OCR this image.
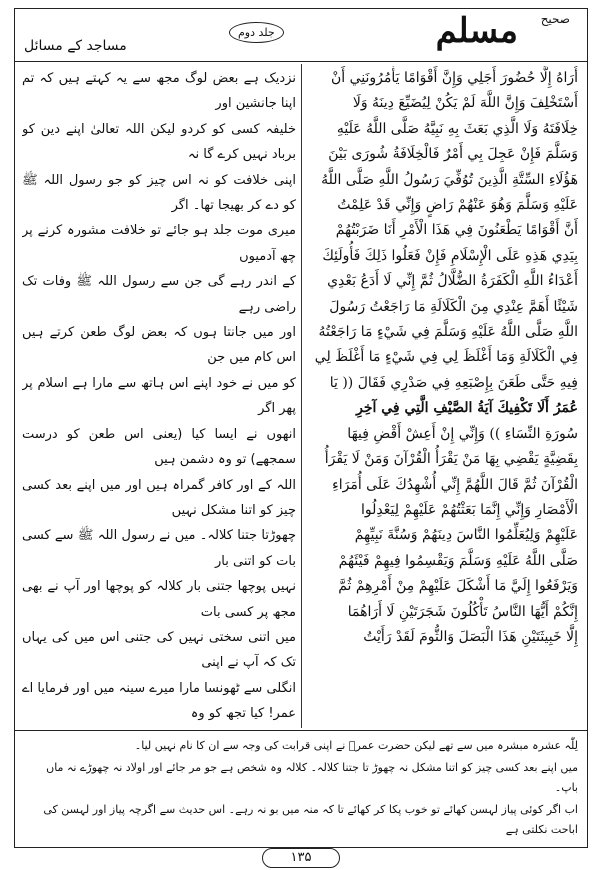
صحیح
مسلم
جلد دوم
مساجد کے مسائل

أُرَاهُ إِلَّا حُضُورَ أَجَلِي وَإِنَّ أَقْوَامًا يَأْمُرُونَنِي أَنْ

أَسْتَخْلِفَ وَإِنَّ اللَّهَ لَمْ يَكُنْ لِيُضَيِّعَ دِينَهُ وَلَا

خِلَافَتَهُ وَلَا الَّذِي بَعَثَ بِهِ نَبِيَّهُ صَلَّى اللَّهُ عَلَيْهِ

وَسَلَّمَ فَإِنْ عَجِلَ بِي أَمْرٌ فَالْخِلَافَةُ شُورَى بَيْنَ

هَؤُلَاءِ السِّتَّةِ الَّذِينَ تُوُفِّيَ رَسُولُ اللَّهِ صَلَّى اللَّهُ

عَلَيْهِ وَسَلَّمَ وَهُوَ عَنْهُمْ رَاضٍ وَإِنِّي قَدْ عَلِمْتُ

أَنَّ أَقْوَامًا يَطْعَنُونَ فِي هَذَا الْأَمْرِ أَنَا ضَرَبْتُهُمْ

بِيَدِي هَذِهِ عَلَى الْإِسْلَامِ فَإِنْ فَعَلُوا ذَلِكَ فَأُولَئِكَ

أَعْدَاءُ اللَّهِ الْكَفَرَةُ الضُّلَّالُ ثُمَّ إِنِّي لَا أَدَعُ بَعْدِي

شَيْئًا أَهَمَّ عِنْدِي مِنَ الْكَلَالَةِ مَا رَاجَعْتُ رَسُولَ

اللَّهِ صَلَّى اللَّهُ عَلَيْهِ وَسَلَّمَ فِي شَيْءٍ مَا رَاجَعْتُهُ

فِي الْكَلَالَةِ وَمَا أَغْلَظَ لِي فِي شَيْءٍ مَا أَغْلَظَ لِي

فِيهِ حَتَّى طَعَنَ بِإِصْبَعِهِ فِي صَدْرِي فَقَالَ (( يَا

عُمَرُ أَلَا تَكْفِيكَ آيَةُ الصَّيْفِ الَّتِي فِي آخِرِ

سُورَةِ النِّسَاءِ )) وَإِنِّي إِنْ أَعِشْ أَقْضِ فِيهَا

بِقَضِيَّةٍ يَقْضِي بِهَا مَنْ يَقْرَأُ الْقُرْآنَ وَمَنْ لَا يَقْرَأُ

الْقُرْآنَ ثُمَّ قَالَ اللَّهُمَّ إِنِّي أُشْهِدُكَ عَلَى أُمَرَاءِ

الْأَمْصَارِ وَإِنِّي إِنَّمَا بَعَثْتُهُمْ عَلَيْهِمْ لِيَعْدِلُوا

عَلَيْهِمْ وَلِيُعَلِّمُوا النَّاسَ دِينَهُمْ وَسُنَّةَ نَبِيِّهِمْ

صَلَّى اللَّهُ عَلَيْهِ وَسَلَّمَ وَيَقْسِمُوا فِيهِمْ فَيْئَهُمْ

وَيَرْفَعُوا إِلَيَّ مَا أَشْكَلَ عَلَيْهِمْ مِنْ أَمْرِهِمْ ثُمَّ

إِنَّكُمْ أَيُّهَا النَّاسُ تَأْكُلُونَ شَجَرَتَيْنِ لَا أَرَاهُمَا

إِلَّا خَبِيثَتَيْنِ هَذَا الْبَصَلَ وَالثُّومَ لَقَدْ رَأَيْتُ

نزدیک ہے بعض لوگ مجھ سے یہ کہتے ہیں کہ تم اپنا جانشین اور

خلیفہ کسی کو کردو لیکن اللہ تعالیٰ اپنے دین کو برباد نہیں کرے گا نہ

اپنی خلافت کو نہ اس چیز کو جو رسول اللہ ﷺ کو دے کر بھیجا تھا۔ اگر

میری موت جلد ہو جائے تو خلافت مشورہ کرنے پر چھ آدمیوں

کے اندر رہے گی جن سے رسول اللہ ﷺ وفات تک راضی رہے

اور میں جانتا ہوں کہ بعض لوگ طعن کرتے ہیں اس کام میں جن

کو میں نے خود اپنے اس ہاتھ سے مارا ہے اسلام پر پھر اگر

انھوں نے ایسا کیا (یعنی اس طعن کو درست سمجھے) تو وہ دشمن ہیں

اللہ کے اور کافر گمراہ ہیں اور میں اپنے بعد کسی چیز کو اتنا مشکل نہیں

چھوڑتا جتنا کلالہ۔ میں نے رسول اللہ ﷺ سے کسی بات کو اتنی بار

نہیں پوچھا جتنی بار کلالہ کو پوچھا اور آپ نے بھی مجھ پر کسی بات

میں اتنی سختی نہیں کی جتنی اس میں کی یہاں تک کہ آپ نے اپنی

انگلی سے ٹھونسا مارا میرے سینہ میں اور فرمایا اے عمر! کیا تجھ کو وہ

لِلّٰہ عشرہ مبشرہ میں سے تھے لیکن حضرت عمرؓ نے اپنی قرابت کی وجہ سے ان کا نام نہیں لیا۔

میں اپنے بعد کسی چیز کو اتنا مشکل نہ چھوڑ تا جتنا کلالہ۔ کلالہ وہ شخص ہے جو مر جائے اور اولاد نہ چھوڑے نہ ماں باپ۔

اب اگر کوئی پیاز لہسن کھائے تو خوب پکا کر کھائے تا کہ منہ میں بو نہ رہے۔ اس حدیث سے اگرچہ پیاز اور لہسن کی اباحت نکلتی ہے

۱۳۵
